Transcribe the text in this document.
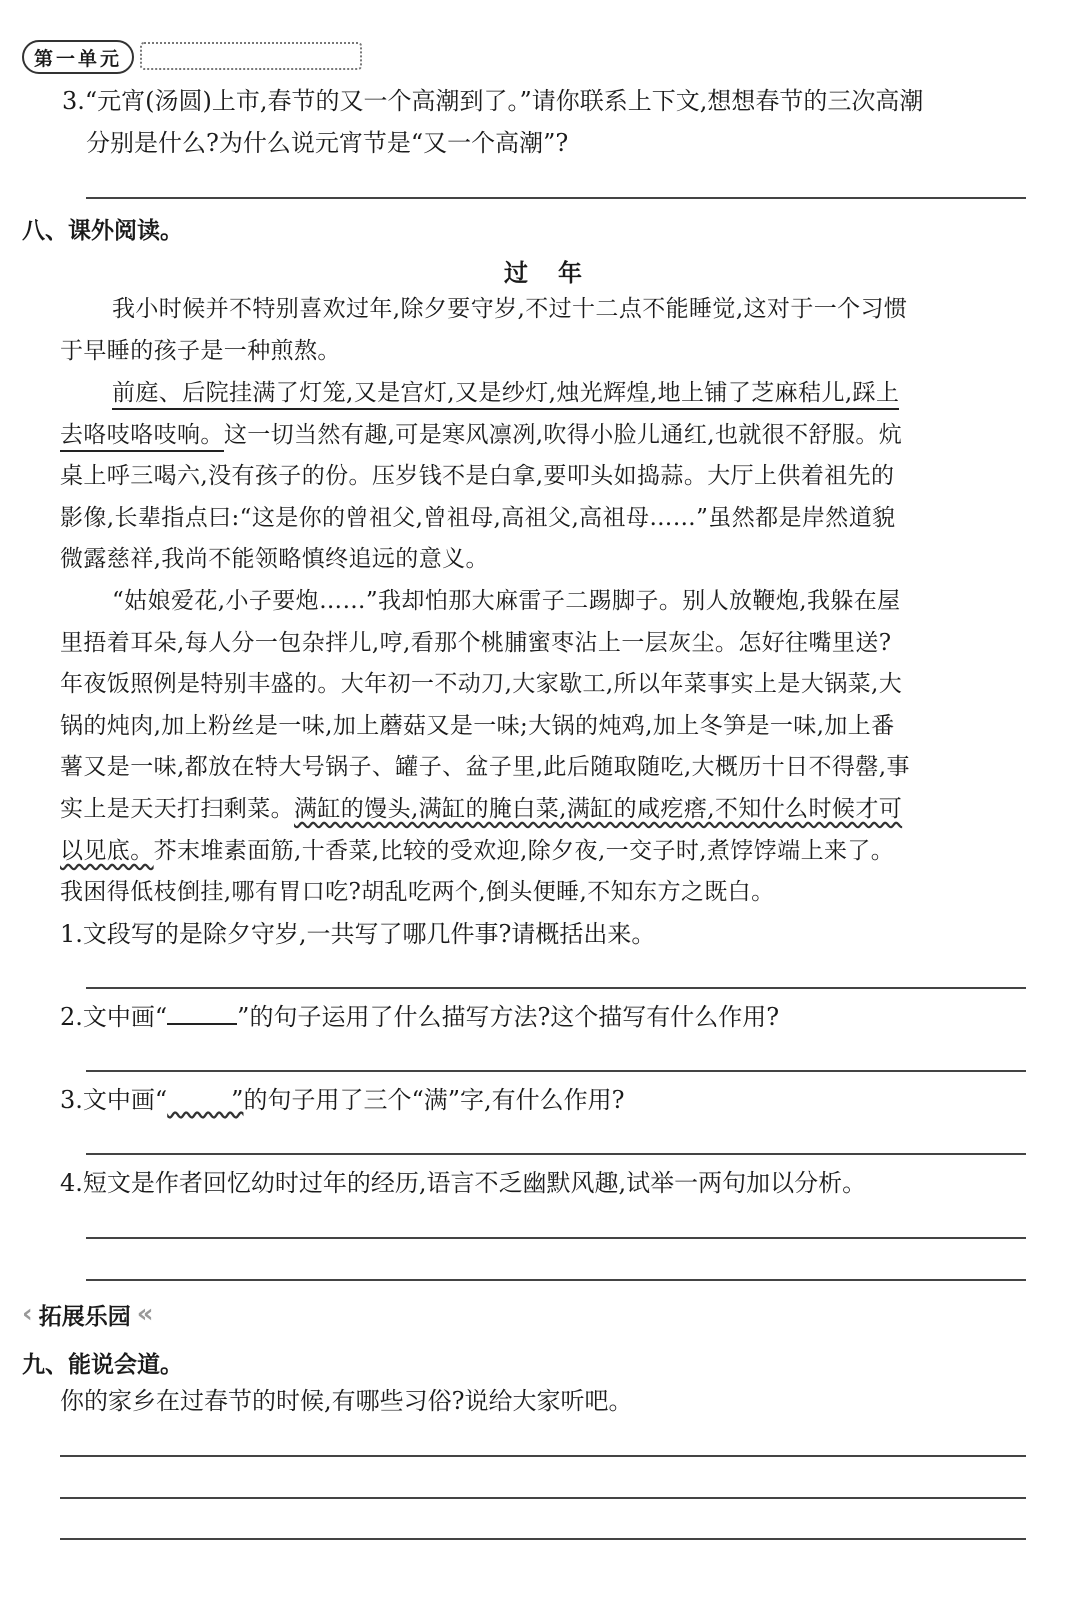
第一单元
3.“元宵(汤圆)上市,春节的又一个高潮到了。”请你联系上下文,想想春节的三次高潮
分别是什么?为什么说元宵节是“又一个高潮”?
八、课外阅读。
过年
我小时候并不特别喜欢过年,除夕要守岁,不过十二点不能睡觉,这对于一个习惯
于早睡的孩子是一种煎熬。
前庭、后院挂满了灯笼,又是宫灯,又是纱灯,烛光辉煌,地上铺了芝麻秸儿,踩上
去咯吱咯吱响。这一切当然有趣,可是寒风凛冽,吹得小脸儿通红,也就很不舒服。炕
桌上呼三喝六,没有孩子的份。压岁钱不是白拿,要叩头如捣蒜。大厅上供着祖先的
影像,长辈指点曰:“这是你的曾祖父,曾祖母,高祖父,高祖母……”虽然都是岸然道貌
微露慈祥,我尚不能领略慎终追远的意义。
“姑娘爱花,小子要炮……”我却怕那大麻雷子二踢脚子。别人放鞭炮,我躲在屋
里捂着耳朵,每人分一包杂拌儿,哼,看那个桃脯蜜枣沾上一层灰尘。怎好往嘴里送?
年夜饭照例是特别丰盛的。大年初一不动刀,大家歇工,所以年菜事实上是大锅菜,大
锅的炖肉,加上粉丝是一味,加上蘑菇又是一味;大锅的炖鸡,加上冬笋是一味,加上番
薯又是一味,都放在特大号锅子、罐子、盆子里,此后随取随吃,大概历十日不得罄,事
实上是天天打扫剩菜。满缸的馒头,满缸的腌白菜,满缸的咸疙瘩,不知什么时候才可
以见底。芥末堆素面筋,十香菜,比较的受欢迎,除夕夜,一交子时,煮饽饽端上来了。
我困得低枝倒挂,哪有胃口吃?胡乱吃两个,倒头便睡,不知东方之既白。
1.文段写的是除夕守岁,一共写了哪几件事?请概括出来。
2.文中画“	”的句子运用了什么描写方法?这个描写有什么作用?
3.文中画“	”的句子用了三个“满”字,有什么作用?
4.短文是作者回忆幼时过年的经历,语言不乏幽默风趣,试举一两句加以分析。
‹ 拓展乐园 «
九、能说会道。
你的家乡在过春节的时候,有哪些习俗?说给大家听吧。
